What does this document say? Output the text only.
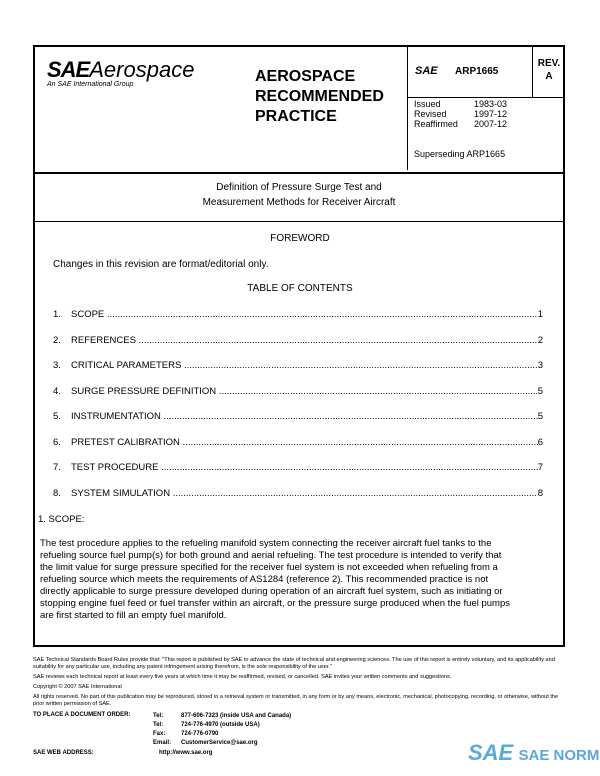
SAEAerospace
An SAE International Group	AEROSPACE
RECOMMENDED
PRACTICE
SAE ARP1665
REV.
A
Issued	1983-03
Revised	1997-12
Reaffirmed 2007-12
Superseding ARP1665
Definition of Pressure Surge Test and
Measurement Methods for Receiver Aircraft
FOREWORD
Changes in this revision are format/editorial only.
TABLE OF CONTENTS
1.	SCOPE .....	1
2.	REFERENCES .....	2
3.	CRITICAL PARAMETERS .....	3
4.	SURGE PRESSURE DEFINITION .....	5
5.	INSTRUMENTATION .....	5
6.	PRETEST CALIBRATION .....	6
7.	TEST PROCEDURE .....	7
8.	SYSTEM SIMULATION .....	8
1. SCOPE:
The test procedure applies to the refueling manifold system connecting the receiver aircraft fuel tanks to the refueling source fuel pump(s) for both ground and aerial refueling. The test procedure is intended to verify that the limit value for surge pressure specified for the receiver fuel system is not exceeded when refueling from a refueling source which meets the requirements of AS1284 (reference 2). This recommended practice is not directly applicable to surge pressure developed during operation of an aircraft fuel system, such as initiating or stopping engine fuel feed or fuel transfer within an aircraft, or the pressure surge produced when the fuel pumps are first started to fill an empty fuel manifold.
SAE Technical Standards Board Rules provide that: "This report is published by SAE to advance the state of technical and engineering sciences. The use of this report is entirely voluntary, and its applicability and suitability for any particular use, including any patent infringement arising therefrom, is the sole responsibility of the user."
SAE reviews each technical report at least every five years at which time it may be reaffirmed, revised, or cancelled. SAE invites your written comments and suggestions.
Copyright © 2007 SAE International
All rights reserved. No part of this publication may be reproduced, stored in a retrieval system or transmitted, in any form or by any means, electronic, mechanical, photocopying, recording, or otherwise, without the prior written permission of SAE.
TO PLACE A DOCUMENT ORDER:
SAE WEB ADDRESS:
Tel:	877-606-7323 (inside USA and Canada)
Tel:	724-776-4970 (outside USA)
Fax:	724-776-0790
Email: CustomerService@sae.org
http://www.sae.org	SAE SAE NORM
